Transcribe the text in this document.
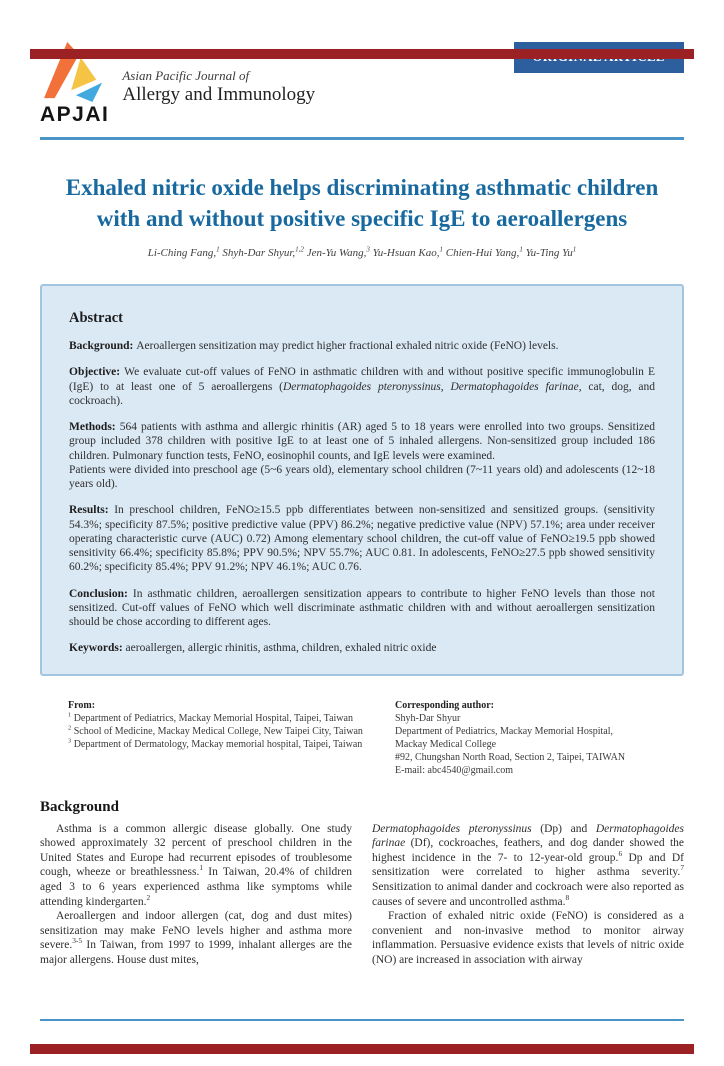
APJAI
Asian Pacific Journal of
Allergy and Immunology
Exhaled nitric oxide helps discriminating asthmatic children
with and without positive specific IgE to aeroallergens
Li-Ching Fang,$^1$ Shyh-Dar Shyur,$^{1,2}$ Jen-Yu Wang,$^3$ Yu-Hsuan Kao,$^1$ Chien-Hui Yang,$^1$ Yu-Ting Yu$^1$
Abstract
Background: Aeroallergen sensitization may predict higher fractional exhaled nitric oxide (FeNO) levels.
Objective: We evaluate cut-off values of FeNO in asthmatic children with and without positive specific immunoglobulin E (IgE) to at least one of 5 aeroallergens (Dermatophagoides pteronyssinus, Dermatophagoides farinae, cat, dog, and cockroach).
Methods: 564 patients with asthma and allergic rhinitis (AR) aged 5 to 18 years were enrolled into two groups. Sensitized group included 378 children with positive IgE to at least one of 5 inhaled allergens. Non-sensitized group included 186 children. Pulmonary function tests, FeNO, eosinophil counts, and IgE levels were examined.
Patients were divided into preschool age (5~6 years old), elementary school children (7~11 years old) and adolescents (12~18 years old).
Results: In preschool children, FeNO≥15.5 ppb differentiates between non-sensitized and sensitized groups. (sensitivity 54.3%; specificity 87.5%; positive predictive value (PPV) 86.2%; negative predictive value (NPV) 57.1%; area under receiver operating characteristic curve (AUC) 0.72) Among elementary school children, the cut-off value of FeNO≥19.5 ppb showed sensitivity 66.4%; specificity 85.8%; PPV 90.5%; NPV 55.7%; AUC 0.81. In adolescents, FeNO≥27.5 ppb showed sensitivity 60.2%; specificity 85.4%; PPV 91.2%; NPV 46.1%; AUC 0.76.
Conclusion: In asthmatic children, aeroallergen sensitization appears to contribute to higher FeNO levels than those not sensitized. Cut-off values of FeNO which well discriminate asthmatic children with and without aeroallergen sensitization should be chose according to different ages.
Keywords: aeroallergen, allergic rhinitis, asthma, children, exhaled nitric oxide
From:
$^1$ Department of Pediatrics, Mackay Memorial Hospital, Taipei, Taiwan
$^2$ School of Medicine, Mackay Medical College, New Taipei City, Taiwan
$^3$ Department of Dermatology, Mackay memorial hospital, Taipei, Taiwan
Corresponding author:
Shyh-Dar Shyur
Department of Pediatrics, Mackay Memorial Hospital,
Mackay Medical College
#92, Chungshan North Road, Section 2, Taipei, TAIWAN
E-mail: abc4540@gmail.com
Background

Asthma is a common allergic disease globally. One study showed approximately 32 percent of preschool children in the United States and Europe had recurrent episodes of troublesome cough, wheeze or breathlessness.$^1$ In Taiwan, 20.4% of children aged 3 to 6 years experienced asthma like symptoms while attending kindergarten.$^2$

Aeroallergen and indoor allergen (cat, dog and dust mites) sensitization may make FeNO levels higher and asthma more severe.$^{3-5}$ In Taiwan, from 1997 to 1999, inhalant allerges are the major allergens. House dust mites,

Dermatophagoides pteronyssinus (Dp) and Dermatophagoides farinae (Df), cockroaches, feathers, and dog dander showed the highest incidence in the 7- to 12-year-old group.$^6$ Dp and Df sensitization were correlated to higher asthma severity.$^7$ Sensitization to animal dander and cockroach were also reported as causes of severe and uncontrolled asthma.$^8$

Fraction of exhaled nitric oxide (FeNO) is considered as a convenient and non-invasive method to monitor airway inflammation. Persuasive evidence exists that levels of nitric oxide (NO) are increased in association with airway
